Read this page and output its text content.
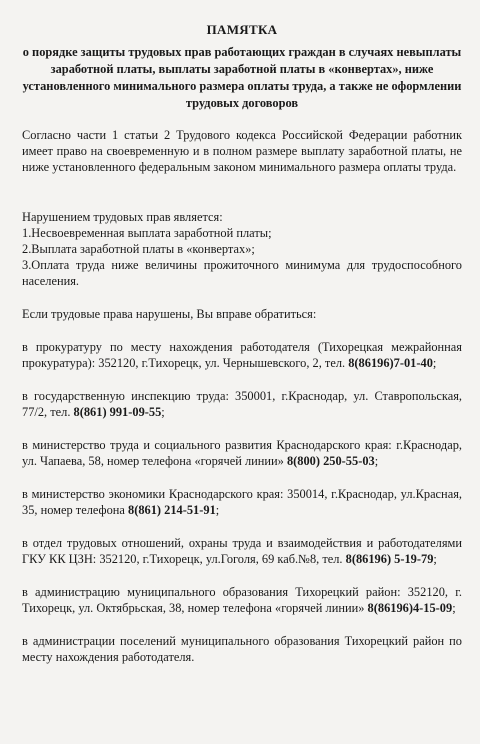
ПАМЯТКА
о порядке защиты трудовых прав работающих граждан в случаях невыплаты заработной платы, выплаты заработной платы в «конвертах», ниже установленного минимального размера оплаты труда, а также не оформлении трудовых договоров

Согласно части 1 статьи 2 Трудового кодекса Российской Федерации работник имеет право на своевременную и в полном размере выплату заработной платы, не ниже установленного федеральным законом минимального размера оплаты труда.

Нарушением трудовых прав является:

1.Несвоевременная выплата заработной платы;
2.Выплата заработной платы в «конвертах»;
3.Оплата труда ниже величины прожиточного минимума для трудоспособного населения.

Если трудовые права нарушены, Вы вправе обратиться:

в прокуратуру по месту нахождения работодателя (Тихорецкая межрайонная прокуратура): 352120, г.Тихорецк, ул. Чернышевского, 2, тел. 8(86196)7-01-40;

в государственную инспекцию труда: 350001, г.Краснодар, ул. Ставропольская, 77/2, тел. 8(861) 991-09-55;

в министерство труда и социального развития Краснодарского края: г.Краснодар, ул. Чапаева, 58, номер телефона «горячей линии» 8(800) 250-55-03;

в министерство экономики Краснодарского края: 350014, г.Краснодар, ул.Красная, 35, номер телефона 8(861) 214-51-91;

в отдел трудовых отношений, охраны труда и взаимодействия и работодателями ГКУ КК ЦЗН: 352120, г.Тихорецк, ул.Гоголя, 69 каб.№8, тел. 8(86196) 5-19-79;

в администрацию муниципального образования Тихорецкий район: 352120, г. Тихорецк, ул. Октябрьская, 38, номер телефона «горячей линии» 8(86196)4-15-09;

в администрации поселений муниципального образования Тихорецкий район по месту нахождения работодателя.
